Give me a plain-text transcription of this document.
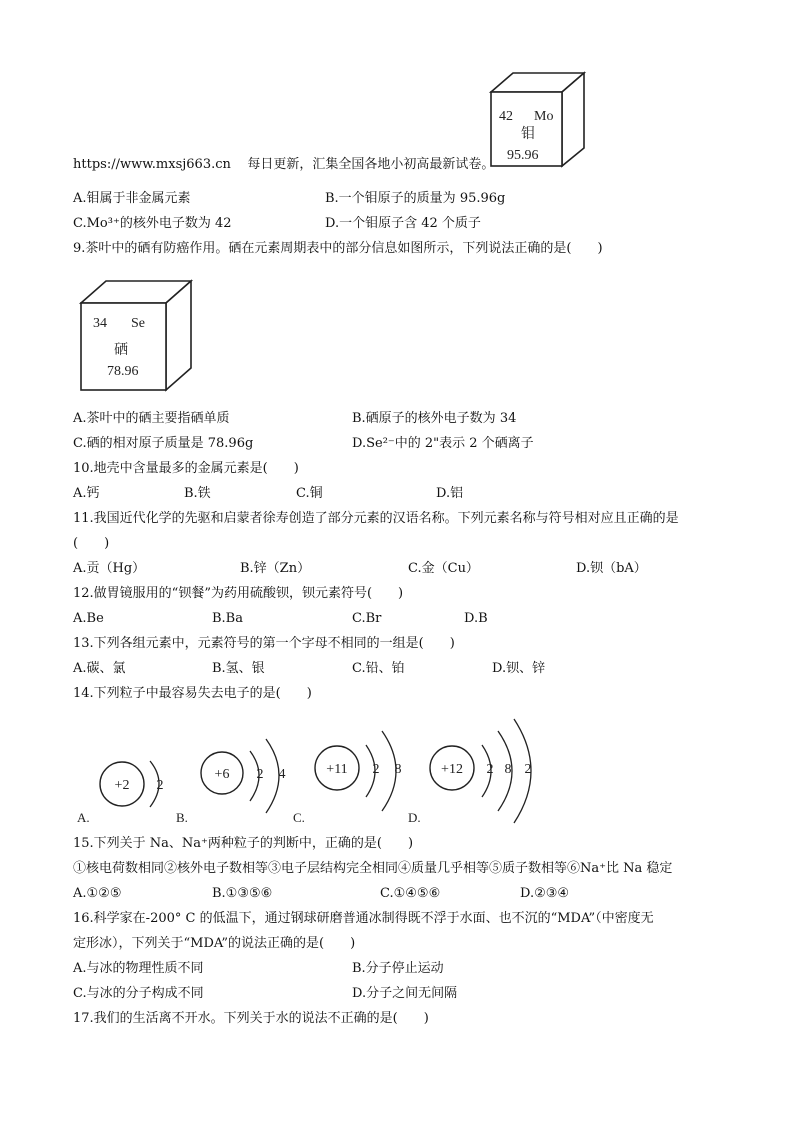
42 Mo
钼
95.96
https://www.mxsj663.cn 每日更新，汇集全国各地小初高最新试卷。
A.钼属于非金属元素	B.一个钼原子的质量为 95.96g
C.Mo³⁺的核外电子数为 42	D.一个钼原子含 42 个质子
9.茶叶中的硒有防癌作用。硒在元素周期表中的部分信息如图所示，下列说法正确的是(　　)
34 Se
硒
78.96
A.茶叶中的硒主要指硒单质	B.硒原子的核外电子数为 34
C.硒的相对原子质量是 78.96g	D.Se²⁻中的 2"表示 2 个硒离子
10.地壳中含量最多的金属元素是(　　)
A.钙	B.铁	C.铜	D.铝
11.我国近代化学的先驱和启蒙者徐寿创造了部分元素的汉语名称。下列元素名称与符号相对应且正确的是
(　　)
A.贡（Hg）	B.锌（Zn）	C.金（Cu）	D.钡（bA）
12.做胃镜服用的“钡餐”为药用硫酸钡，钡元素符号(　　)
A.Be	B.Ba	C.Br	D.B
13.下列各组元素中，元素符号的第一个字母不相同的一组是(　　)
A.碳、氯	B.氢、银	C.铅、铂	D.钡、锌
14.下列粒子中最容易失去电子的是(　　)
+2 2
A.
+6 2 4
B.
+11 2 8
C.
+12 2 8 2
D.
15.下列关于 Na、Na⁺两种粒子的判断中，正确的是(　　)
①核电荷数相同②核外电子数相等③电子层结构完全相同④质量几乎相等⑤质子数相等⑥Na⁺比 Na 稳定
A.①②⑤	B.①③⑤⑥	C.①④⑤⑥	D.②③④
16.科学家在-200° C 的低温下，通过钢球研磨普通冰制得既不浮于水面、也不沉的“MDA”（中密度无
定形冰），下列关于“MDA”的说法正确的是(　　)
A.与冰的物理性质不同	B.分子停止运动
C.与冰的分子构成不同	D.分子之间无间隔
17.我们的生活离不开水。下列关于水的说法不正确的是(　　)
